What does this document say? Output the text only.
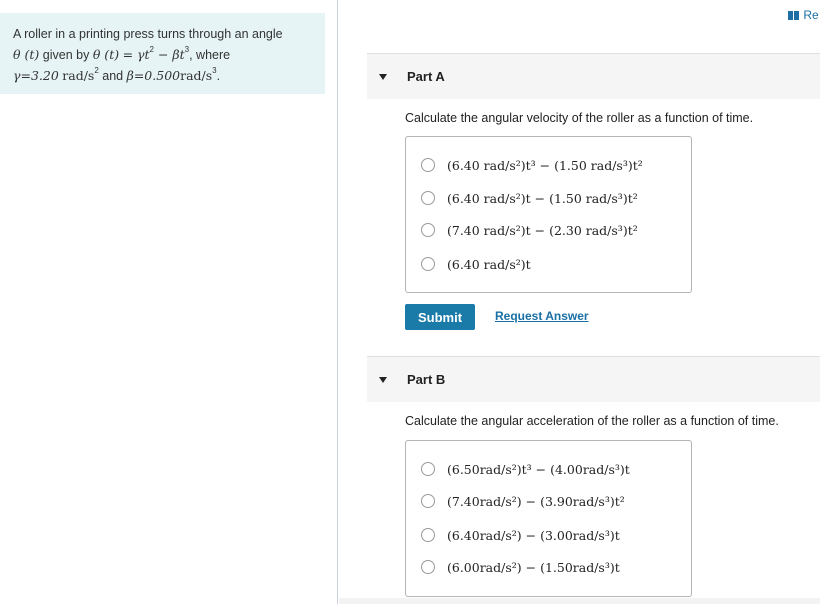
A roller in a printing press turns through an angle
θ (t) given by θ $(t) = \gamma t^2 - \beta t^3$, where
γ=3.20 rad/$s^2$ and $\beta=0.500rad/s^3$.
Re
Part A
Calculate the angular velocity of the roller as a function of time.
(6.40 rad/s²)t³ − (1.50 rad/s³)t²
(6.40 rad/s²)t − (1.50 rad/s³)t²
(7.40 rad/s²)t − (2.30 rad/s³)t²
(6.40 rad/s²)t
Submit	Request Answer
Part B
Calculate the angular acceleration of the roller as a function of time.
(6.50rad/s²)t³ − (4.00rad/s³)t
(7.40rad/s²) − (3.90rad/s³)t²
(6.40rad/s²) − (3.00rad/s³)t
(6.00rad/s²) − (1.50rad/s³)t
